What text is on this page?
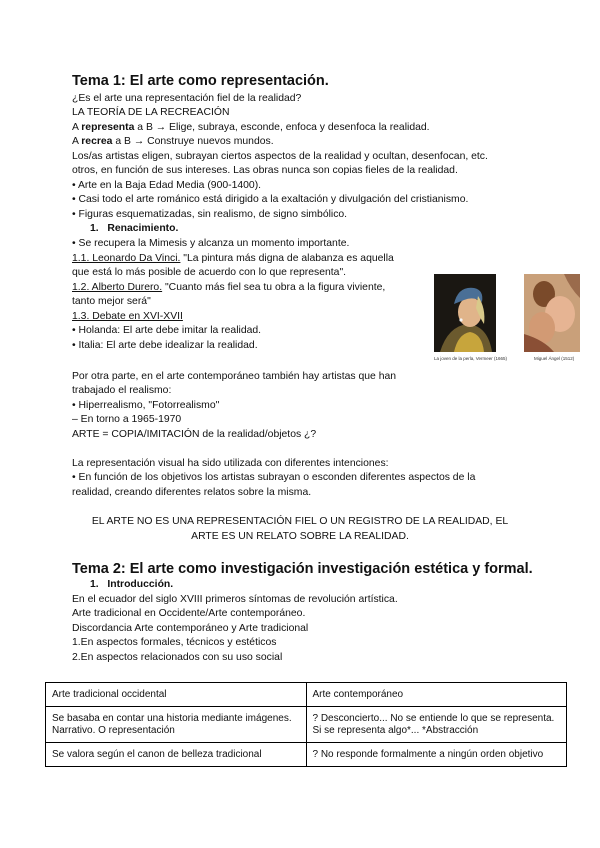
Tema 1: El arte como representación.
¿Es el arte una representación fiel de la realidad?
LA TEORÍA DE LA RECREACIÓN
A representa a B → Elige, subraya, esconde, enfoca y desenfoca la realidad.
A recrea a B → Construye nuevos mundos.
Los/as artistas eligen, subrayan ciertos aspectos de la realidad y ocultan, desenfocan, etc.
otros, en función de sus intereses. Las obras nunca son copias fieles de la realidad.
• Arte en la Baja Edad Media (900-1400).
• Casi todo el arte románico está dirigido a la exaltación y divulgación del cristianismo.
• Figuras esquematizadas, sin realismo, de signo simbólico.
1. Renacimiento.
• Se recupera la Mimesis y alcanza un momento importante.
1.1. Leonardo Da Vinci. "La pintura más digna de alabanza es aquella
que está lo más posible de acuerdo con lo que representa".
1.2. Alberto Durero. "Cuanto más fiel sea tu obra a la figura viviente,
tanto mejor será"
1.3. Debate en XVI-XVII
• Holanda: El arte debe imitar la realidad.
• Italia: El arte debe idealizar la realidad.
La joven de la perla, Vermeer (1665)	Miguel Ángel (1512)
Por otra parte, en el arte contemporáneo también hay artistas que han
trabajado el realismo:
• Hiperrealismo, "Fotorrealismo"
– En torno a 1965-1970
ARTE = COPIA/IMITACIÓN de la realidad/objetos ¿?
La representación visual ha sido utilizada con diferentes intenciones:
• En función de los objetivos los artistas subrayan o esconden diferentes aspectos de la
realidad, creando diferentes relatos sobre la misma.
EL ARTE NO ES UNA REPRESENTACIÓN FIEL O UN REGISTRO DE LA REALIDAD, EL
ARTE ES UN RELATO SOBRE LA REALIDAD.
Tema 2: El arte como investigación investigación estética y formal.
1. Introducción.
En el ecuador del siglo XVIII primeros síntomas de revolución artística.
Arte tradicional en Occidente/Arte contemporáneo.
Discordancia Arte contemporáneo y Arte tradicional
1.En aspectos formales, técnicos y estéticos
2.En aspectos relacionados con su uso social
Arte tradicional occidental	Arte contemporáneo
Se basaba en contar una historia mediante imágenes. Narrativo. O representación	? Desconcierto... No se entiende lo que se representa. Si se representa algo*... *Abstracción
Se valora según el canon de belleza tradicional	? No responde formalmente a ningún orden objetivo
